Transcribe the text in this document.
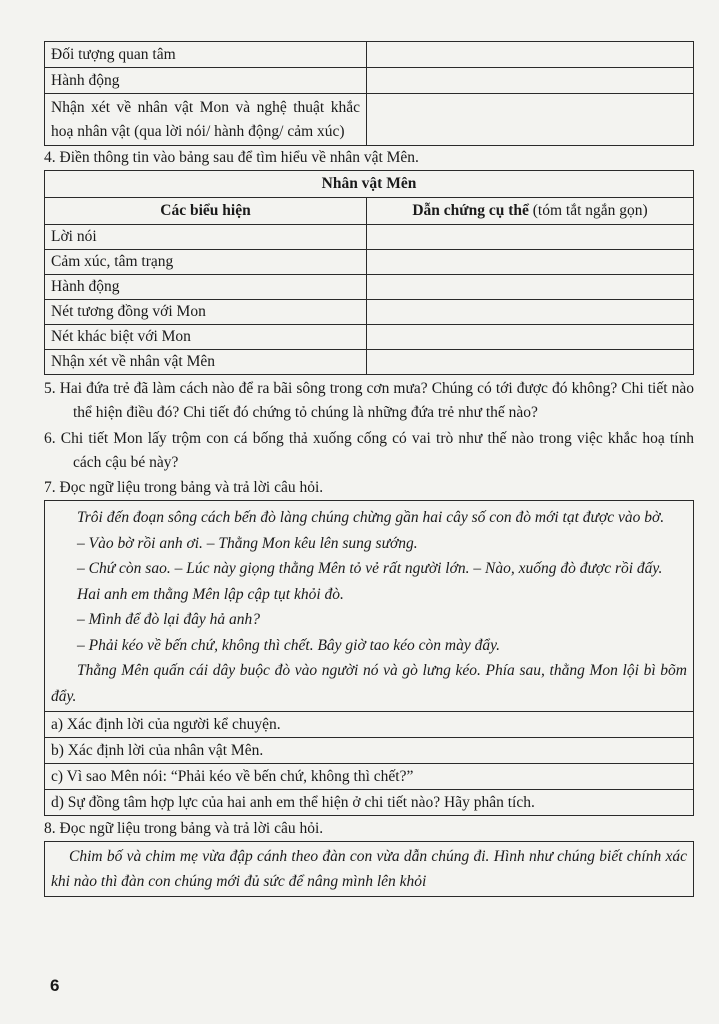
Đối tượng quan tâm	
Hành động	
Nhận xét về nhân vật Mon và nghệ thuật khắc hoạ nhân vật (qua lời nói/ hành động/ cảm xúc)	

4. Điền thông tin vào bảng sau để tìm hiểu về nhân vật Mên.

Nhân vật Mên	
Các biểu hiện	Dẫn chứng cụ thể (tóm tắt ngắn gọn)
Lời nói	
Cảm xúc, tâm trạng	
Hành động	
Nét tương đồng với Mon	
Nét khác biệt với Mon	
Nhận xét về nhân vật Mên	

5. Hai đứa trẻ đã làm cách nào để ra bãi sông trong cơn mưa? Chúng có tới được đó không? Chi tiết nào thể hiện điều đó? Chi tiết đó chứng tỏ chúng là những đứa trẻ như thế nào?

6. Chi tiết Mon lấy trộm con cá bống thả xuống cống có vai trò như thế nào trong việc khắc hoạ tính cách cậu bé này?

7. Đọc ngữ liệu trong bảng và trả lời câu hỏi.

Trôi đến đoạn sông cách bến đò làng chúng chừng gần hai cây số con đò mới tạt được vào bờ.

– Vào bờ rồi anh ơi. – Thằng Mon kêu lên sung sướng.

– Chứ còn sao. – Lúc này giọng thằng Mên tỏ vẻ rất người lớn. – Nào, xuống đò được rồi đấy.

Hai anh em thằng Mên lập cập tụt khỏi đò.

– Mình để đò lại đây hả anh?

– Phải kéo về bến chứ, không thì chết. Bây giờ tao kéo còn mày đẩy.

Thằng Mên quấn cái dây buộc đò vào người nó và gò lưng kéo. Phía sau, thằng Mon lội bì bõm đẩy.

a) Xác định lời của người kể chuyện.
b) Xác định lời của nhân vật Mên.
c) Vì sao Mên nói: “Phải kéo về bến chứ, không thì chết?”
d) Sự đồng tâm hợp lực của hai anh em thể hiện ở chi tiết nào? Hãy phân tích.

8. Đọc ngữ liệu trong bảng và trả lời câu hỏi.

Chim bố và chim mẹ vừa đập cánh theo đàn con vừa dẫn chúng đi. Hình như chúng biết chính xác khi nào thì đàn con chúng mới đủ sức để nâng mình lên khỏi
6
